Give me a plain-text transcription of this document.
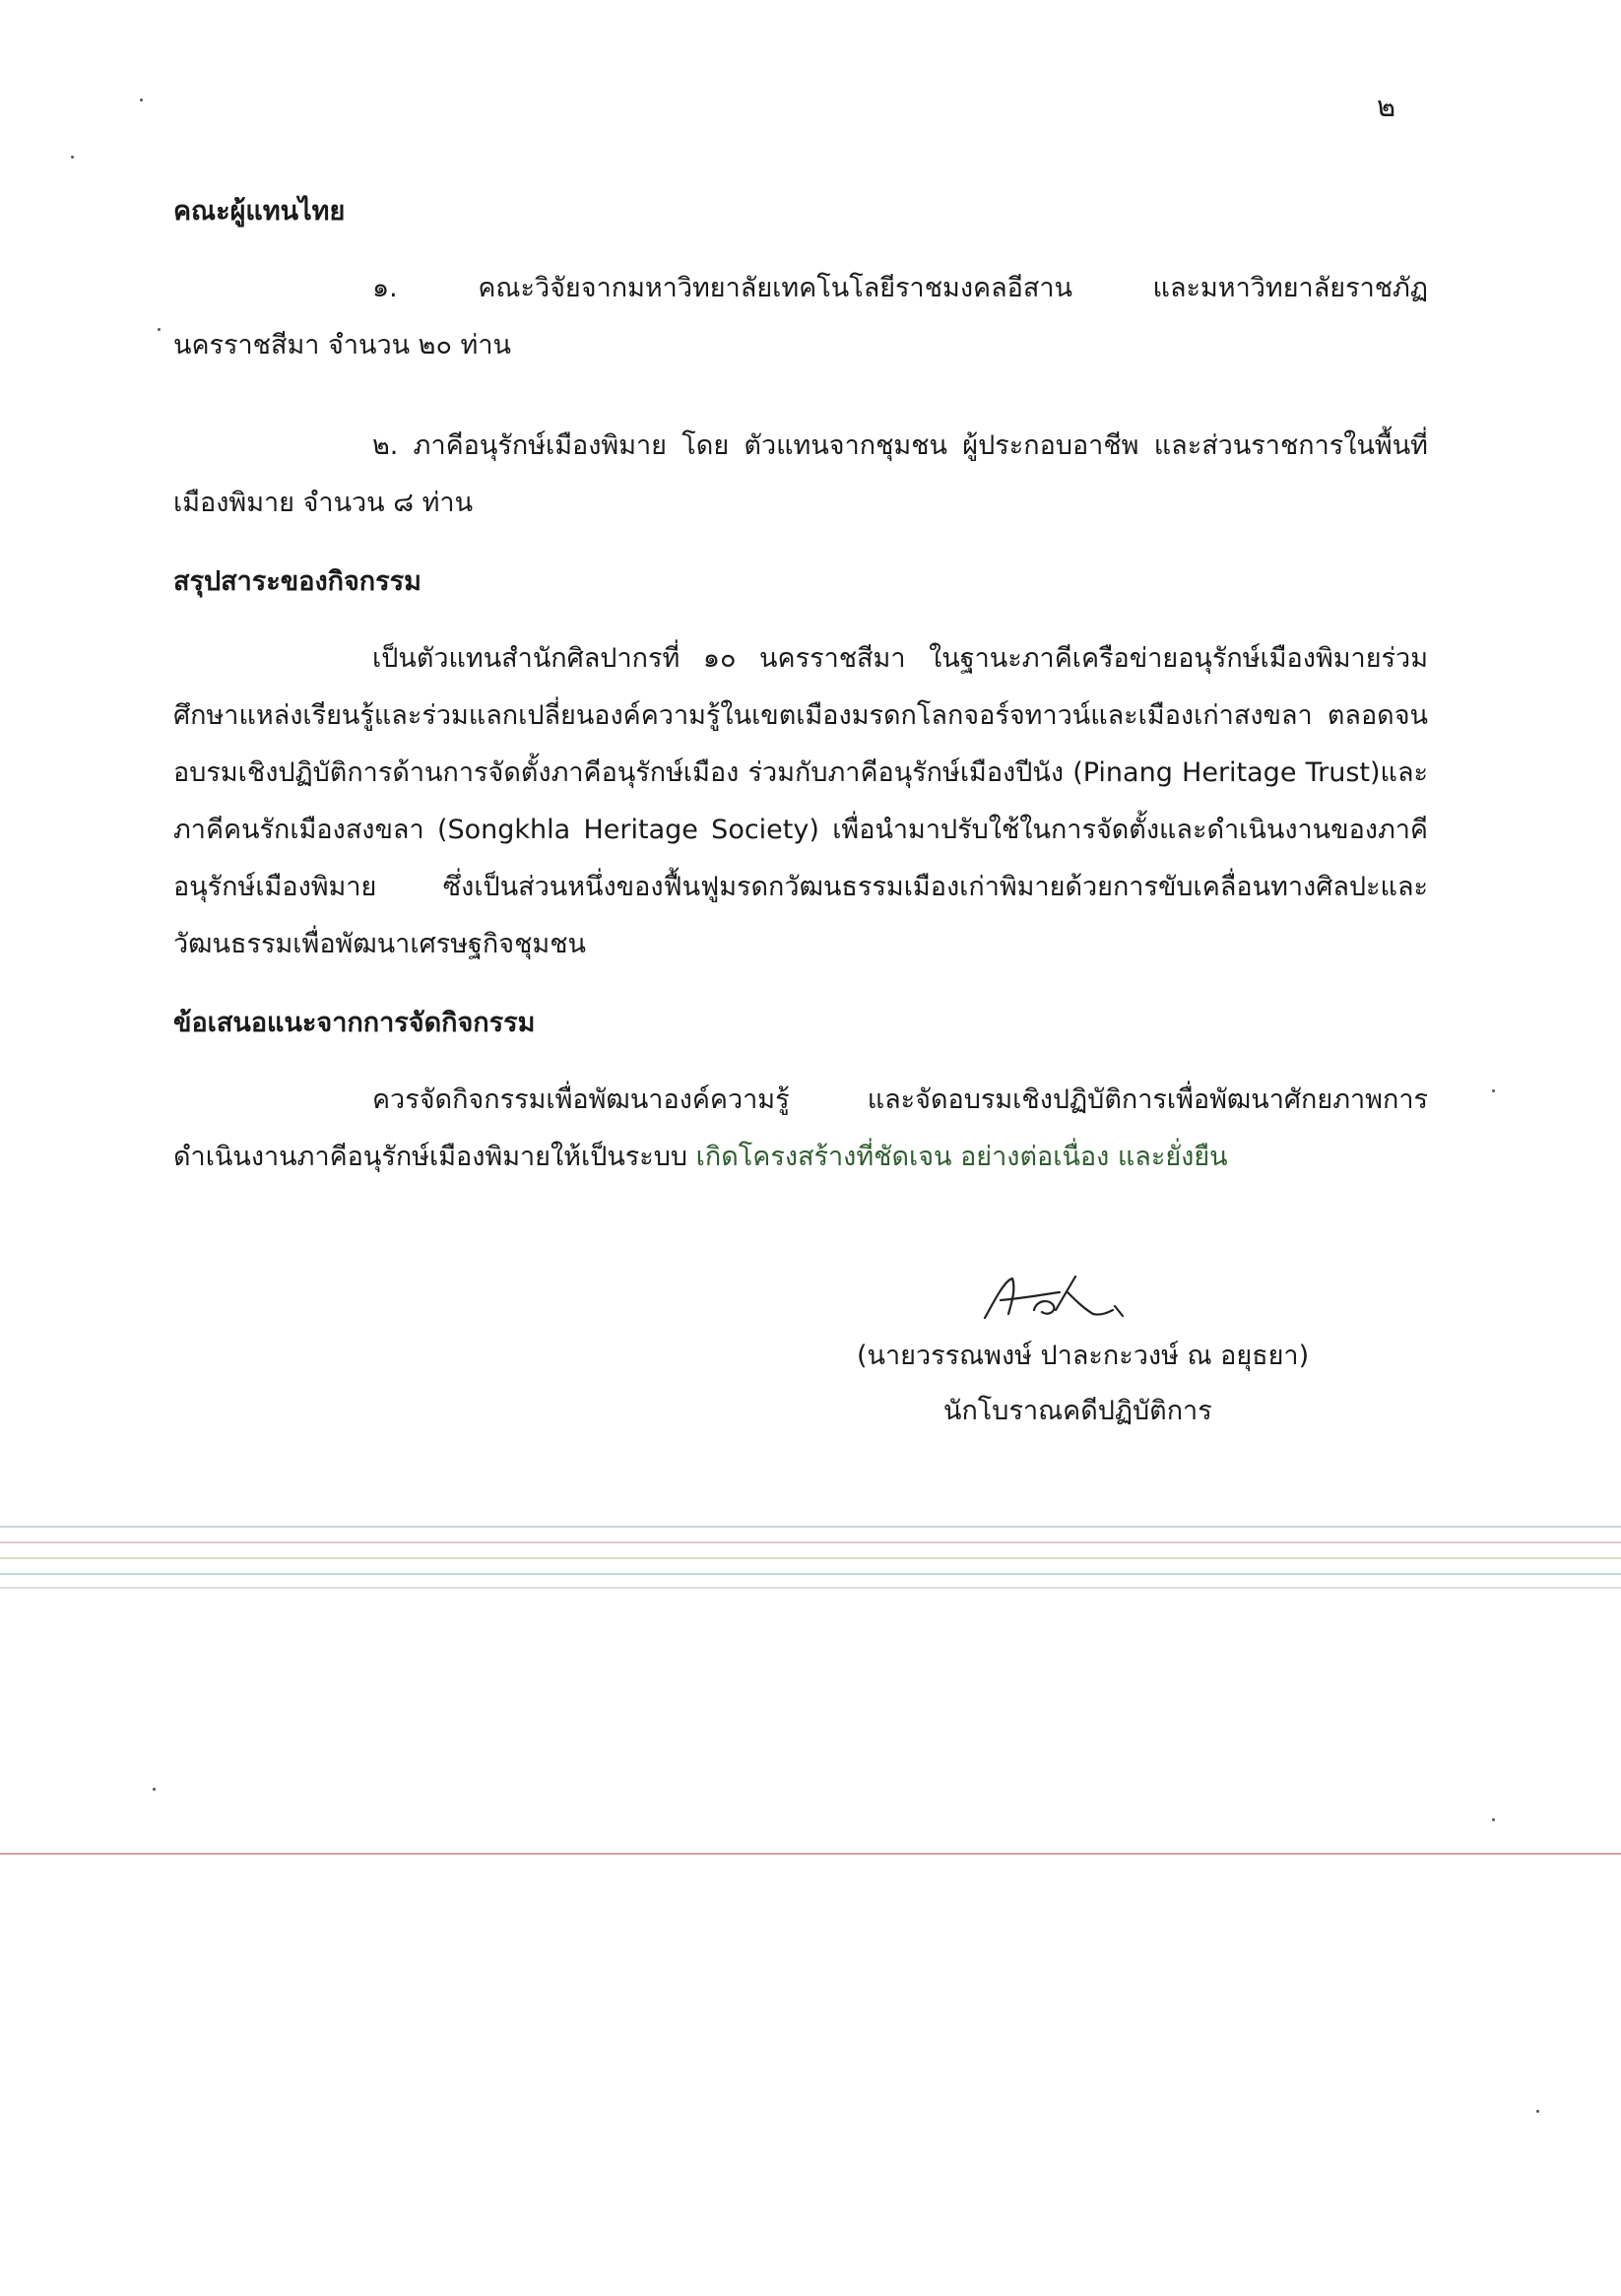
๒

คณะผู้แทนไทย

๑. คณะวิจัยจากมหาวิทยาลัยเทคโนโลยีราชมงคลอีสาน และมหาวิทยาลัยราชภัฏนครราชสีมา จำนวน ๒๐ ท่าน

๒. ภาคีอนุรักษ์เมืองพิมาย โดย ตัวแทนจากชุมชน ผู้ประกอบอาชีพ และส่วนราชการในพื้นที่เมืองพิมาย จำนวน ๘ ท่าน

สรุปสาระของกิจกรรม

เป็นตัวแทนสำนักศิลปากรที่ ๑๐ นครราชสีมา ในฐานะภาคีเครือข่ายอนุรักษ์เมืองพิมายร่วมศึกษาแหล่งเรียนรู้และร่วมแลกเปลี่ยนองค์ความรู้ในเขตเมืองมรดกโลกจอร์จทาวน์และเมืองเก่าสงขลา ตลอดจนอบรมเชิงปฏิบัติการด้านการจัดตั้งภาคีอนุรักษ์เมือง ร่วมกับภาคีอนุรักษ์เมืองปีนัง (Pinang Heritage Trust)และภาคีคนรักเมืองสงขลา (Songkhla Heritage Society) เพื่อนำมาปรับใช้ในการจัดตั้งและดำเนินงานของภาคีอนุรักษ์เมืองพิมาย ซึ่งเป็นส่วนหนึ่งของฟื้นฟูมรดกวัฒนธรรมเมืองเก่าพิมายด้วยการขับเคลื่อนทางศิลปะและวัฒนธรรมเพื่อพัฒนาเศรษฐกิจชุมชน

ข้อเสนอแนะจากการจัดกิจกรรม

ควรจัดกิจกรรมเพื่อพัฒนาองค์ความรู้ และจัดอบรมเชิงปฏิบัติการเพื่อพัฒนาศักยภาพการดำเนินงานภาคีอนุรักษ์เมืองพิมายให้เป็นระบบ เกิดโครงสร้างที่ชัดเจน อย่างต่อเนื่อง และยั่งยืน

(นายวรรณพงษ์ ปาละกะวงษ์ ณ อยุธยา)
นักโบราณคดีปฏิบัติการ
